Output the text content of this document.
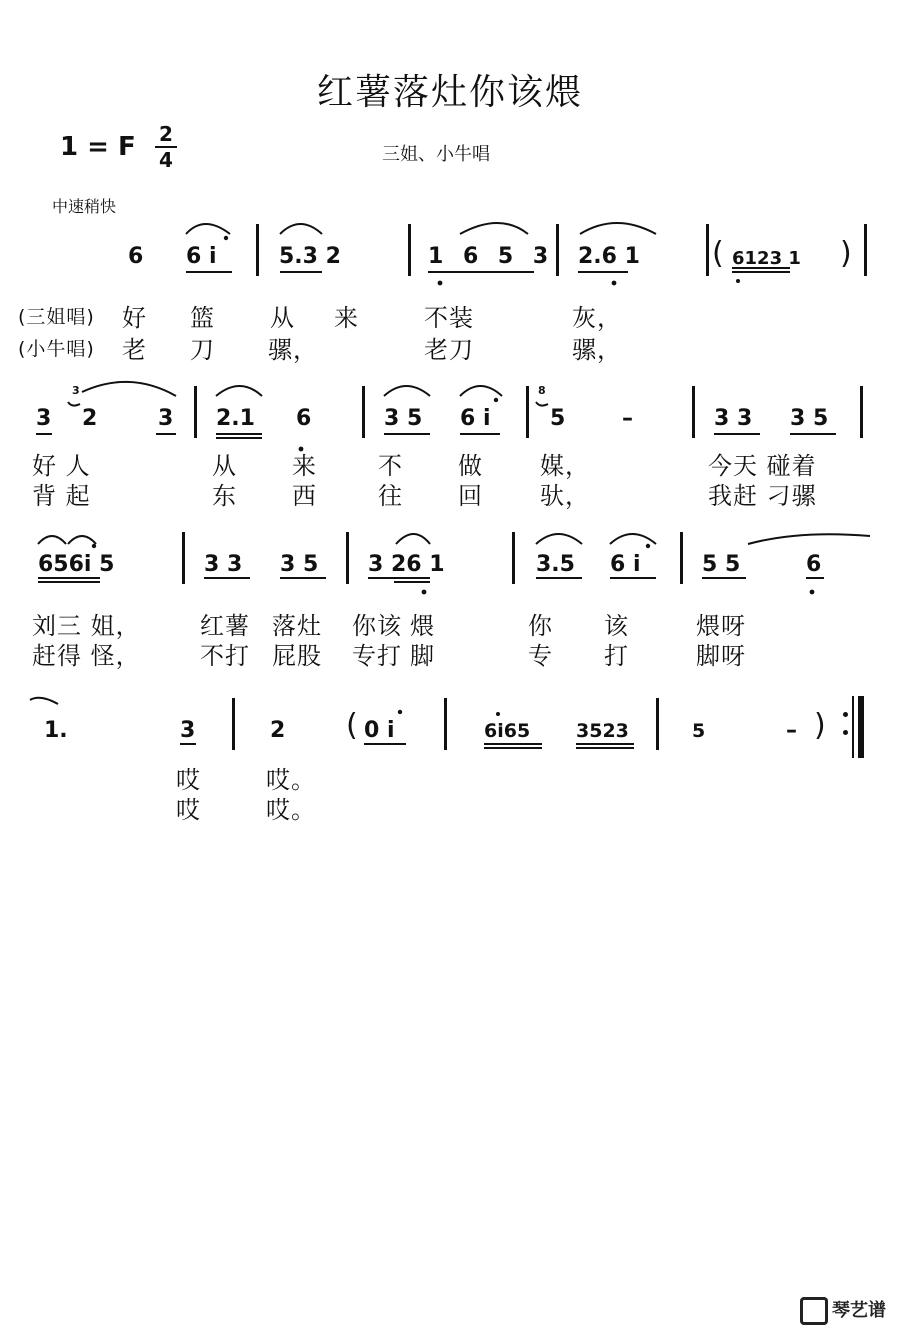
红薯落灶你该煨
1 = F 2
4	三姐、小牛唱
中速稍快
6 6 i	5.3 2	1 6 5 3 2.6 1 ( 6123 1 )
(三姐唱) 好 篮 从 来	不装	灰，
(小牛唱) 老 刀 骡，	老刀	骡，
3 2	3 2.1 6	3 5 6 i	5	–	3 3 3 5
好 人	从 来	不 做 媒，	今天 碰着
背 起	东 西	往 回 驮，	我赶 刁骡
656i 5	3 3 3 5 3 26 1	3.5 6 i	5 5	6
刘三 姐， 红薯 落灶 你该 煨	你 该	煨呀
赶得 怪， 不打 屁股 专打 脚	专 打	脚呀
1.	3	2 ( 0 i	6i65 3523	5	– )
哎	哎。
哎	哎。
3	8
琴艺谱
